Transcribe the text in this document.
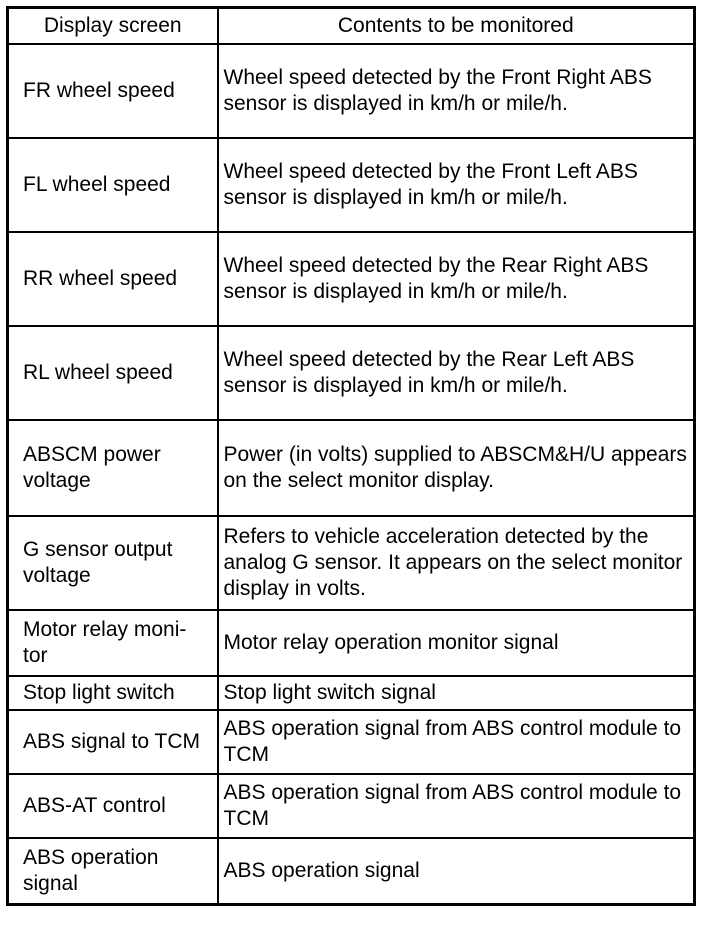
Display screen	Contents to be monitored
FR wheel speed	Wheel speed detected by the Front Right ABS sensor is displayed in km/h or mile/h.
FL wheel speed	Wheel speed detected by the Front Left ABS sensor is displayed in km/h or mile/h.
RR wheel speed	Wheel speed detected by the Rear Right ABS sensor is displayed in km/h or mile/h.
RL wheel speed	Wheel speed detected by the Rear Left ABS sensor is displayed in km/h or mile/h.
ABSCM power voltage	Power (in volts) supplied to ABSCM&H/U appears on the select monitor display.
G sensor output voltage	Refers to vehicle acceleration detected by the analog G sensor. It appears on the select monitor display in volts.
Motor relay moni-tor	Motor relay operation monitor signal
Stop light switch	Stop light switch signal
ABS signal to TCM	ABS operation signal from ABS control module to TCM
ABS-AT control	ABS operation signal from ABS control module to TCM
ABS operation signal	ABS operation signal
